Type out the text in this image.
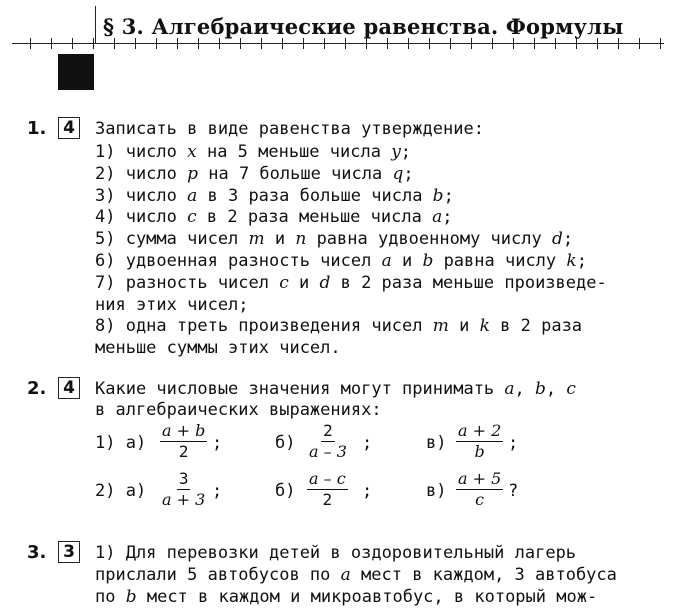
§ 3. Алгебраические равенства. Формулы
1. 4 Записать в виде равенства утверждение:
1) число x на 5 меньше числа y;
2) число p на 7 больше числа q;
3) число a в 3 раза больше числа b;
4) число c в 2 раза меньше числа a;
5) сумма чисел m и n равна удвоенному числу d;
6) удвоенная разность чисел a и b равна числу k;
7) разность чисел c и d в 2 раза меньше произведе-
ния этих чисел;
8) одна треть произведения чисел m и k в 2 раза
меньше суммы этих чисел.
2. 4 Какие числовые значения могут принимать a, b, c
в алгебраических выражениях:
1) $а) \frac{a + b}{2}$ ;	$б) \frac{2}{a - 3}$ ;	$в) \frac{a + 2}{b}$ ;
2) $а) \frac{3}{a + 3}$ ;	$б) \frac{a - c}{2}$ ;	$в) \frac{a + 5}{c}$ ?
3. 3 1) Для перевозки детей в оздоровительный лагерь
прислали 5 автобусов по a мест в каждом, 3 автобуса
по b мест в каждом и микроавтобус, в который мож-
